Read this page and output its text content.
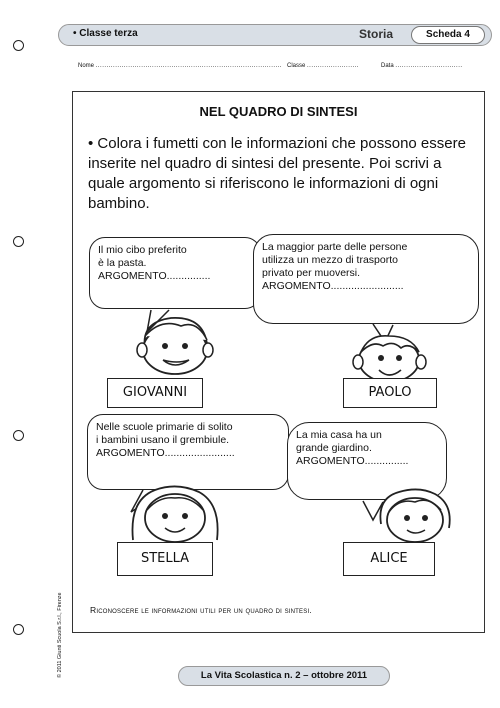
• Classe terza	Storia	Scheda 4
Nome ...................................................................................... Classe ........................	Data ...............................
NEL QUADRO DI SINTESI
• Colora i fumetti con le informazioni che possono essere inserite nel quadro di sintesi del presente. Poi scrivi a quale argomento si riferiscono le informazioni di ogni bambino.
Il mio cibo preferito
è la pasta.
ARGOMENTO...............
La maggior parte delle persone
utilizza un mezzo di trasporto
privato per muoversi.
ARGOMENTO.........................
Nelle scuole primarie di solito
i bambini usano il grembiule.
ARGOMENTO........................
La mia casa ha un
grande giardino.
ARGOMENTO...............
GIOVANNI	PAOLO
STELLA	ALICE
Riconoscere le informazioni utili per un quadro di sintesi.
© 2011 Giunti Scuola S.r.l., Firenze	La Vita Scolastica n. 2 – ottobre 2011
